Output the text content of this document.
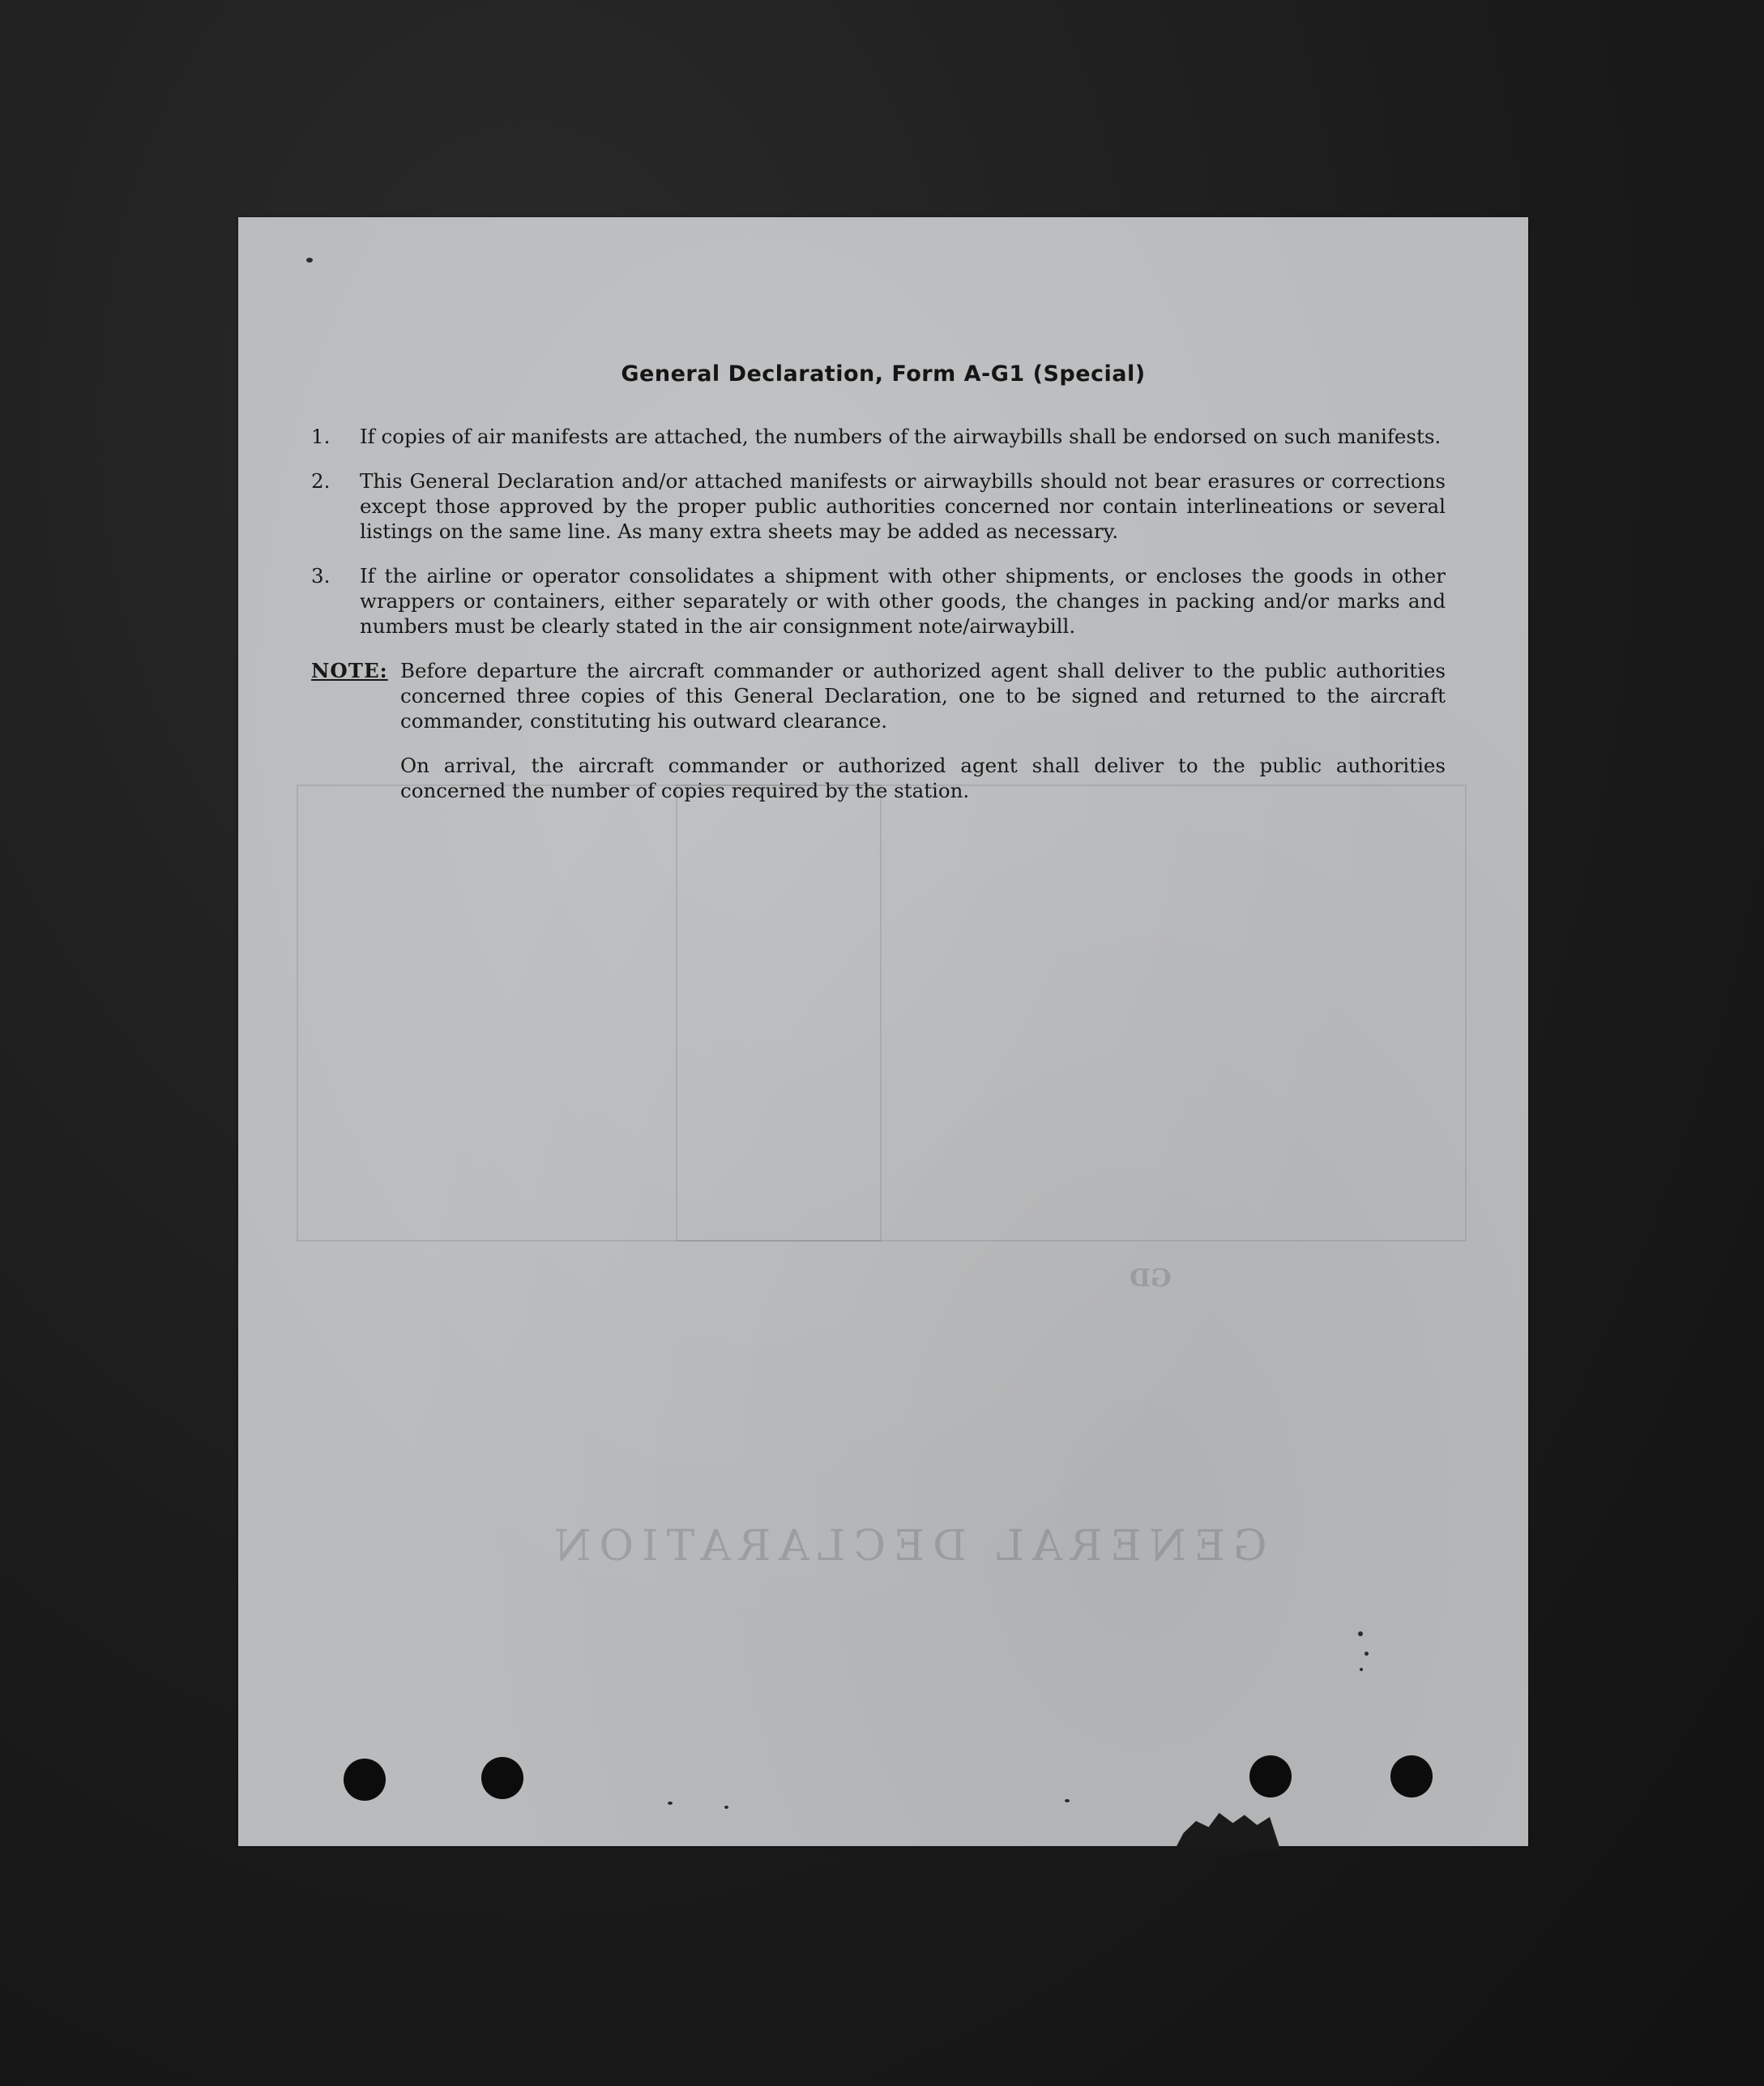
GENERAL DECLARATION
GD
General Declaration, Form A-G1 (Special)
1. If copies of air manifests are attached, the numbers of the airwaybills shall be endorsed on such manifests.
2. This General Declaration and/or attached manifests or airwaybills should not bear erasures or corrections except those approved by the proper public authorities concerned nor contain interlineations or several listings on the same line. As many extra sheets may be added as necessary.
3. If the airline or operator consolidates a shipment with other shipments, or encloses the goods in other wrappers or containers, either separately or with other goods, the changes in packing and/or marks and numbers must be clearly stated in the air consignment note/airwaybill.
NOTE: Before departure the aircraft commander or authorized agent shall deliver to the public authorities concerned three copies of this General Declaration, one to be signed and returned to the aircraft commander, constituting his outward clearance.
On arrival, the aircraft commander or authorized agent shall deliver to the public authorities concerned the number of copies required by the station.
